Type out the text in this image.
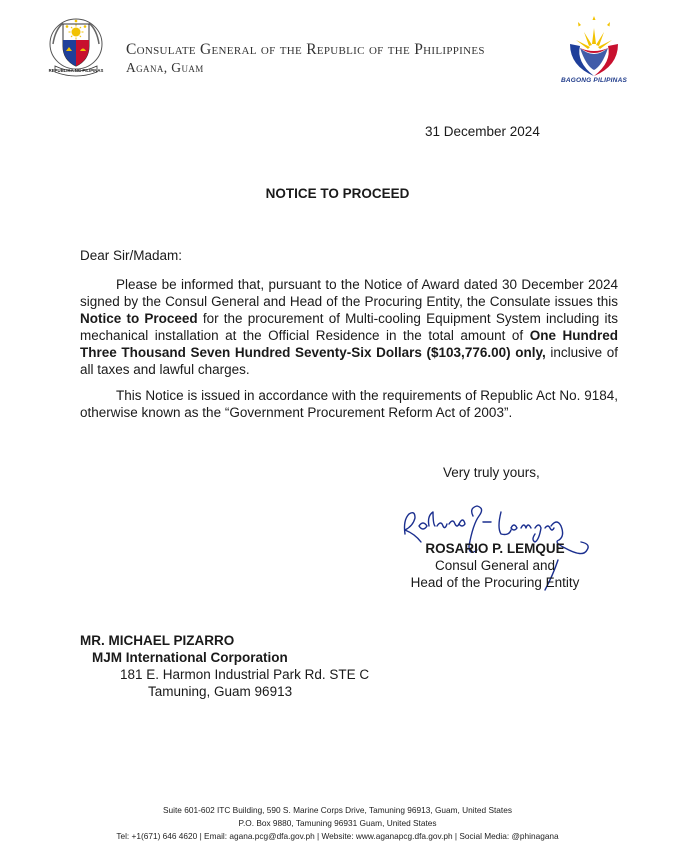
REPUBLIKA NG PILIPINAS
Consulate General of the Republic of the Philippines
Agana, Guam
BAGONG PILIPINAS
31 December 2024
NOTICE TO PROCEED
Dear Sir/Madam:

Please be informed that, pursuant to the Notice of Award dated 30 December 2024 signed by the Consul General and Head of the Procuring Entity, the Consulate issues this Notice to Proceed for the procurement of Multi-cooling Equipment System including its mechanical installation at the Official Residence in the total amount of One Hundred Three Thousand Seven Hundred Seventy-Six Dollars ($103,776.00) only, inclusive of all taxes and lawful charges.

This Notice is issued in accordance with the requirements of Republic Act No. 9184, otherwise known as the “Government Procurement Reform Act of 2003”.

Very truly yours,
ROSARIO P. LEMQUE
Consul General and
Head of the Procuring Entity
MR. MICHAEL PIZARRO
MJM International Corporation
181 E. Harmon Industrial Park Rd. STE C
Tamuning, Guam 96913
Suite 601-602 ITC Building, 590 S. Marine Corps Drive, Tamuning 96913, Guam, United States
P.O. Box 9880, Tamuning 96931 Guam, United States
Tel: +1(671) 646 4620 | Email: agana.pcg@dfa.gov.ph | Website: www.aganapcg.dfa.gov.ph | Social Media: @phinagana
